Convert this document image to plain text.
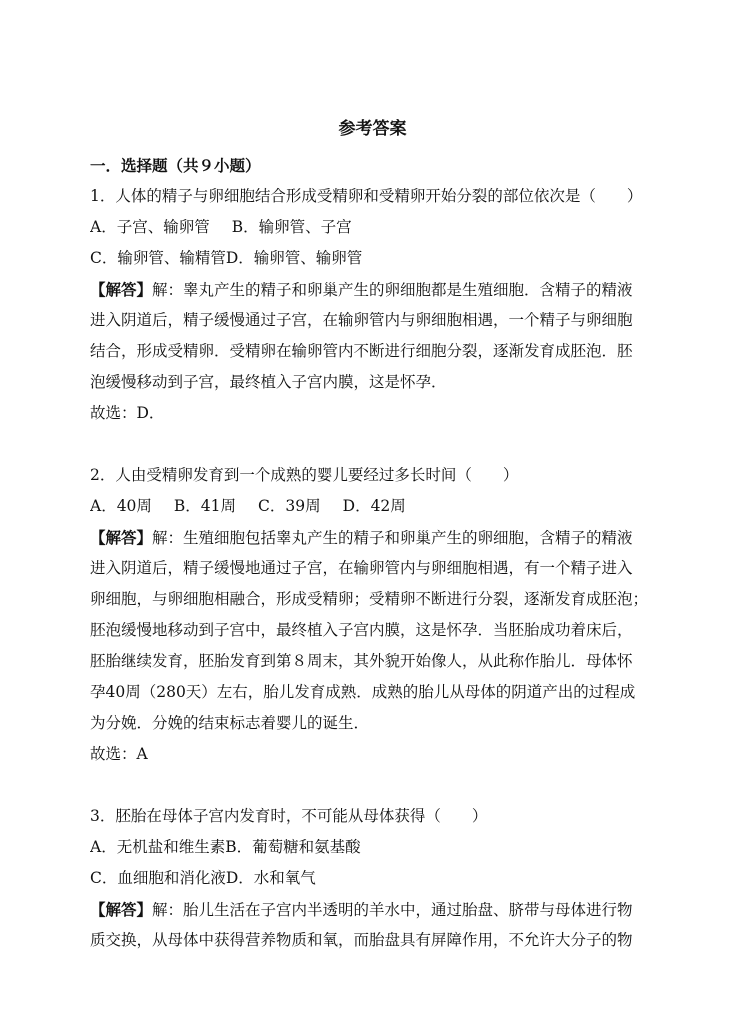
参考答案
一．选择题（共９小题）
1．人体的精子与卵细胞结合形成受精卵和受精卵开始分裂的部位依次是（　　）
A．子宫、输卵管 B．输卵管、子宫
C．输卵管、输精管D．输卵管、输卵管
【解答】解：睾丸产生的精子和卵巢产生的卵细胞都是生殖细胞．含精子的精液
进入阴道后，精子缓慢通过子宫，在输卵管内与卵细胞相遇，一个精子与卵细胞
结合，形成受精卵．受精卵在输卵管内不断进行细胞分裂，逐渐发育成胚泡．胚
泡缓慢移动到子宫，最终植入子宫内膜，这是怀孕．
故选：D．
2．人由受精卵发育到一个成熟的婴儿要经过多长时间（　　）
A．40周 B．41周 C．39周 D．42周
【解答】解：生殖细胞包括睾丸产生的精子和卵巢产生的卵细胞，含精子的精液
进入阴道后，精子缓慢地通过子宫，在输卵管内与卵细胞相遇，有一个精子进入
卵细胞，与卵细胞相融合，形成受精卵；受精卵不断进行分裂，逐渐发育成胚泡；
胚泡缓慢地移动到子宫中，最终植入子宫内膜，这是怀孕．当胚胎成功着床后，
胚胎继续发育，胚胎发育到第８周末，其外貌开始像人，从此称作胎儿．母体怀
孕40周（280天）左右，胎儿发育成熟．成熟的胎儿从母体的阴道产出的过程成
为分娩．分娩的结束标志着婴儿的诞生．
故选：A
3．胚胎在母体子宫内发育时，不可能从母体获得（　　）
A．无机盐和维生素B．葡萄糖和氨基酸
C．血细胞和消化液D．水和氧气
【解答】解：胎儿生活在子宫内半透明的羊水中，通过胎盘、脐带与母体进行物
质交换，从母体中获得营养物质和氧，而胎盘具有屏障作用，不允许大分子的物
